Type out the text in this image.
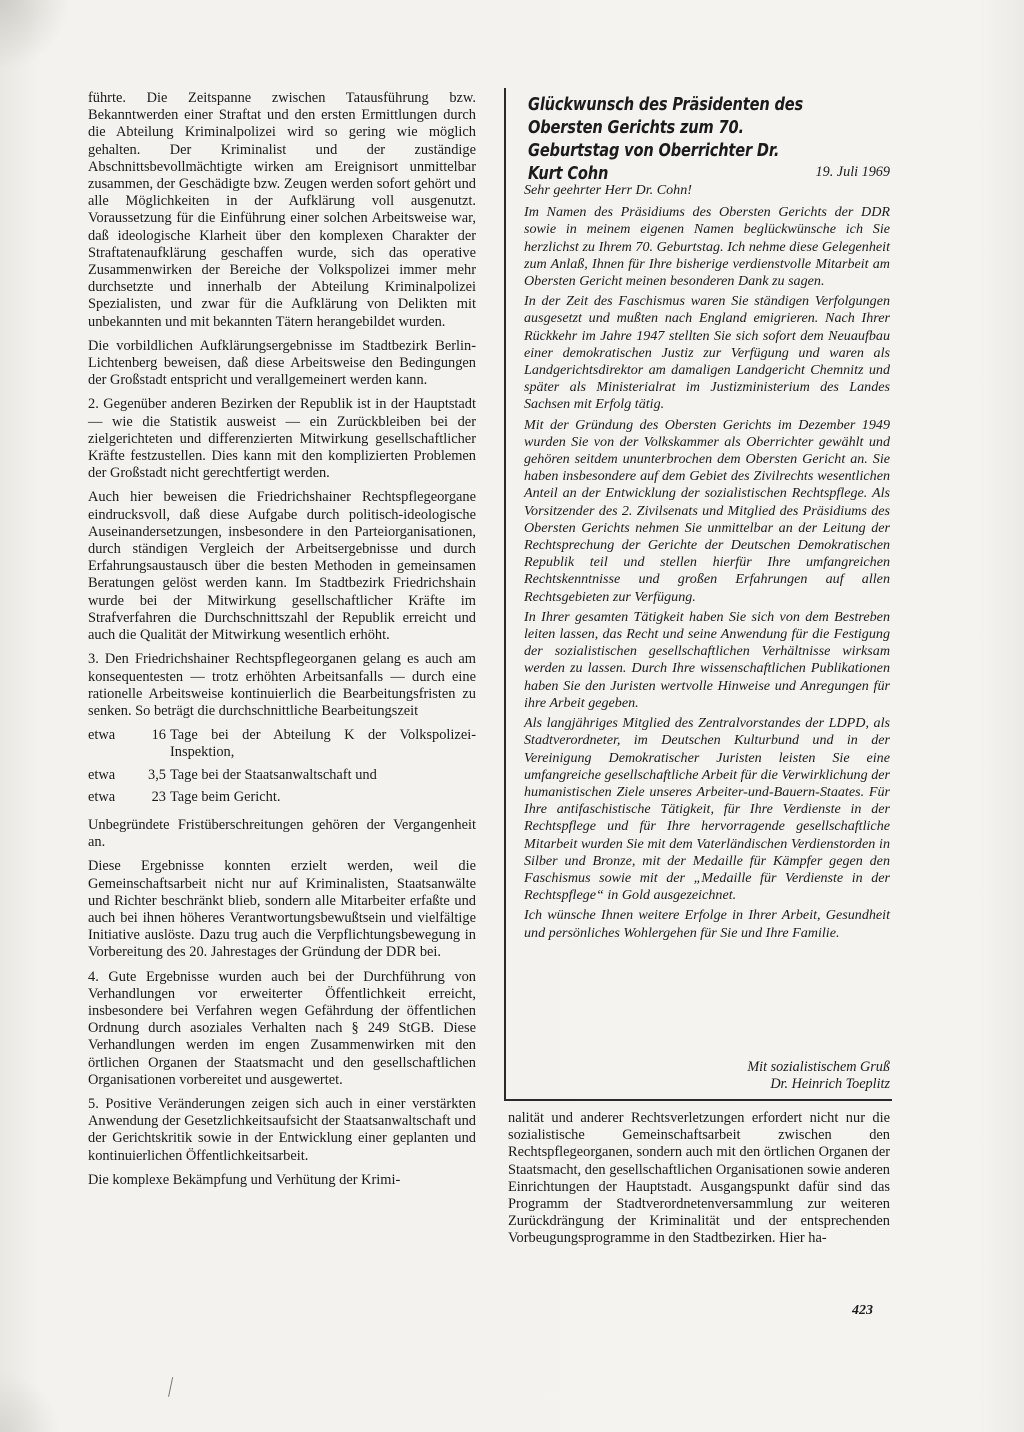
führte. Die Zeitspanne zwischen Tatausführung bzw. Bekanntwerden einer Straftat und den ersten Ermittlungen durch die Abteilung Kriminalpolizei wird so gering wie möglich gehalten. Der Kriminalist und der zuständige Abschnittsbevollmächtigte wirken am Ereignisort unmittelbar zusammen, der Geschädigte bzw. Zeugen werden sofort gehört und alle Möglichkeiten in der Aufklärung voll ausgenutzt. Voraussetzung für die Einführung einer solchen Arbeitsweise war, daß ideologische Klarheit über den komplexen Charakter der Straftatenaufklärung geschaffen wurde, sich das operative Zusammenwirken der Bereiche der Volkspolizei immer mehr durchsetzte und innerhalb der Abteilung Kriminalpolizei Spezialisten, und zwar für die Aufklärung von Delikten mit unbekannten und mit bekannten Tätern herangebildet wurden.

Die vorbildlichen Aufklärungsergebnisse im Stadtbezirk Berlin-Lichtenberg beweisen, daß diese Arbeitsweise den Bedingungen der Großstadt entspricht und verallgemeinert werden kann.

2. Gegenüber anderen Bezirken der Republik ist in der Hauptstadt — wie die Statistik ausweist — ein Zurückbleiben bei der zielgerichteten und differenzierten Mitwirkung gesellschaftlicher Kräfte festzustellen. Dies kann mit den komplizierten Problemen der Großstadt nicht gerechtfertigt werden.

Auch hier beweisen die Friedrichshainer Rechtspflegeorgane eindrucksvoll, daß diese Aufgabe durch politisch-ideologische Auseinandersetzungen, insbesondere in den Parteiorganisationen, durch ständigen Vergleich der Arbeitsergebnisse und durch Erfahrungsaustausch über die besten Methoden in gemeinsamen Beratungen gelöst werden kann. Im Stadtbezirk Friedrichshain wurde bei der Mitwirkung gesellschaftlicher Kräfte im Strafverfahren die Durchschnittszahl der Republik erreicht und auch die Qualität der Mitwirkung wesentlich erhöht.

3. Den Friedrichshainer Rechtspflegeorganen gelang es auch am konsequentesten — trotz erhöhten Arbeitsanfalls — durch eine rationelle Arbeitsweise kontinuierlich die Bearbeitungsfristen zu senken. So beträgt die durchschnittliche Bearbeitungszeit

etwa	16	Tage bei der Abteilung K der Volkspolizei-Inspektion,
etwa	3,5	Tage bei der Staatsanwaltschaft und
etwa	23	Tage beim Gericht.

Unbegründete Fristüberschreitungen gehören der Vergangenheit an.

Diese Ergebnisse konnten erzielt werden, weil die Gemeinschaftsarbeit nicht nur auf Kriminalisten, Staatsanwälte und Richter beschränkt blieb, sondern alle Mitarbeiter erfaßte und auch bei ihnen höheres Verantwortungsbewußtsein und vielfältige Initiative auslöste. Dazu trug auch die Verpflichtungsbewegung in Vorbereitung des 20. Jahrestages der Gründung der DDR bei.

4. Gute Ergebnisse wurden auch bei der Durchführung von Verhandlungen vor erweiterter Öffentlichkeit erreicht, insbesondere bei Verfahren wegen Gefährdung der öffentlichen Ordnung durch asoziales Verhalten nach § 249 StGB. Diese Verhandlungen werden im engen Zusammenwirken mit den örtlichen Organen der Staatsmacht und den gesellschaftlichen Organisationen vorbereitet und ausgewertet.

5. Positive Veränderungen zeigen sich auch in einer verstärkten Anwendung der Gesetzlichkeitsaufsicht der Staatsanwaltschaft und der Gerichtskritik sowie in der Entwicklung einer geplanten und kontinuierlichen Öffentlichkeitsarbeit.

Die komplexe Bekämpfung und Verhütung der Krimi-

Glückwunsch des Präsidenten des Obersten Gerichts zum 70. Geburtstag von Oberrichter Dr. Kurt Cohn	19. Juli 1969

Sehr geehrter Herr Dr. Cohn!

Im Namen des Präsidiums des Obersten Gerichts der DDR sowie in meinem eigenen Namen beglückwünsche ich Sie herzlichst zu Ihrem 70. Geburtstag. Ich nehme diese Gelegenheit zum Anlaß, Ihnen für Ihre bisherige verdienstvolle Mitarbeit am Obersten Gericht meinen besonderen Dank zu sagen.

In der Zeit des Faschismus waren Sie ständigen Verfolgungen ausgesetzt und mußten nach England emigrieren. Nach Ihrer Rückkehr im Jahre 1947 stellten Sie sich sofort dem Neuaufbau einer demokratischen Justiz zur Verfügung und waren als Landgerichtsdirektor am damaligen Landgericht Chemnitz und später als Ministerialrat im Justizministerium des Landes Sachsen mit Erfolg tätig.

Mit der Gründung des Obersten Gerichts im Dezember 1949 wurden Sie von der Volkskammer als Oberrichter gewählt und gehören seitdem ununterbrochen dem Obersten Gericht an. Sie haben insbesondere auf dem Gebiet des Zivilrechts wesentlichen Anteil an der Entwicklung der sozialistischen Rechtspflege. Als Vorsitzender des 2. Zivilsenats und Mitglied des Präsidiums des Obersten Gerichts nehmen Sie unmittelbar an der Leitung der Rechtsprechung der Gerichte der Deutschen Demokratischen Republik teil und stellen hierfür Ihre umfangreichen Rechtskenntnisse und großen Erfahrungen auf allen Rechtsgebieten zur Verfügung.

In Ihrer gesamten Tätigkeit haben Sie sich von dem Bestreben leiten lassen, das Recht und seine Anwendung für die Festigung der sozialistischen gesellschaftlichen Verhältnisse wirksam werden zu lassen. Durch Ihre wissenschaftlichen Publikationen haben Sie den Juristen wertvolle Hinweise und Anregungen für ihre Arbeit gegeben.

Als langjähriges Mitglied des Zentralvorstandes der LDPD, als Stadtverordneter, im Deutschen Kulturbund und in der Vereinigung Demokratischer Juristen leisten Sie eine umfangreiche gesellschaftliche Arbeit für die Verwirklichung der humanistischen Ziele unseres Arbeiter-und-Bauern-Staates. Für Ihre antifaschistische Tätigkeit, für Ihre Verdienste in der Rechtspflege und für Ihre hervorragende gesellschaftliche Mitarbeit wurden Sie mit dem Vaterländischen Verdienstorden in Silber und Bronze, mit der Medaille für Kämpfer gegen den Faschismus sowie mit der „Medaille für Verdienste in der Rechtspflege“ in Gold ausgezeichnet.

Ich wünsche Ihnen weitere Erfolge in Ihrer Arbeit, Gesundheit und persönliches Wohlergehen für Sie und Ihre Familie.

Mit sozialistischem Gruß
Dr. Heinrich Toeplitz
nalität und anderer Rechtsverletzungen erfordert nicht nur die sozialistische Gemeinschaftsarbeit zwischen den Rechtspflegeorganen, sondern auch mit den örtlichen Organen der Staatsmacht, den gesellschaftlichen Organisationen sowie anderen Einrichtungen der Hauptstadt. Ausgangspunkt dafür sind das Programm der Stadtverordnetenversammlung zur weiteren Zurückdrängung der Kriminalität und der entsprechenden Vorbeugungsprogramme in den Stadtbezirken. Hier ha-
423
